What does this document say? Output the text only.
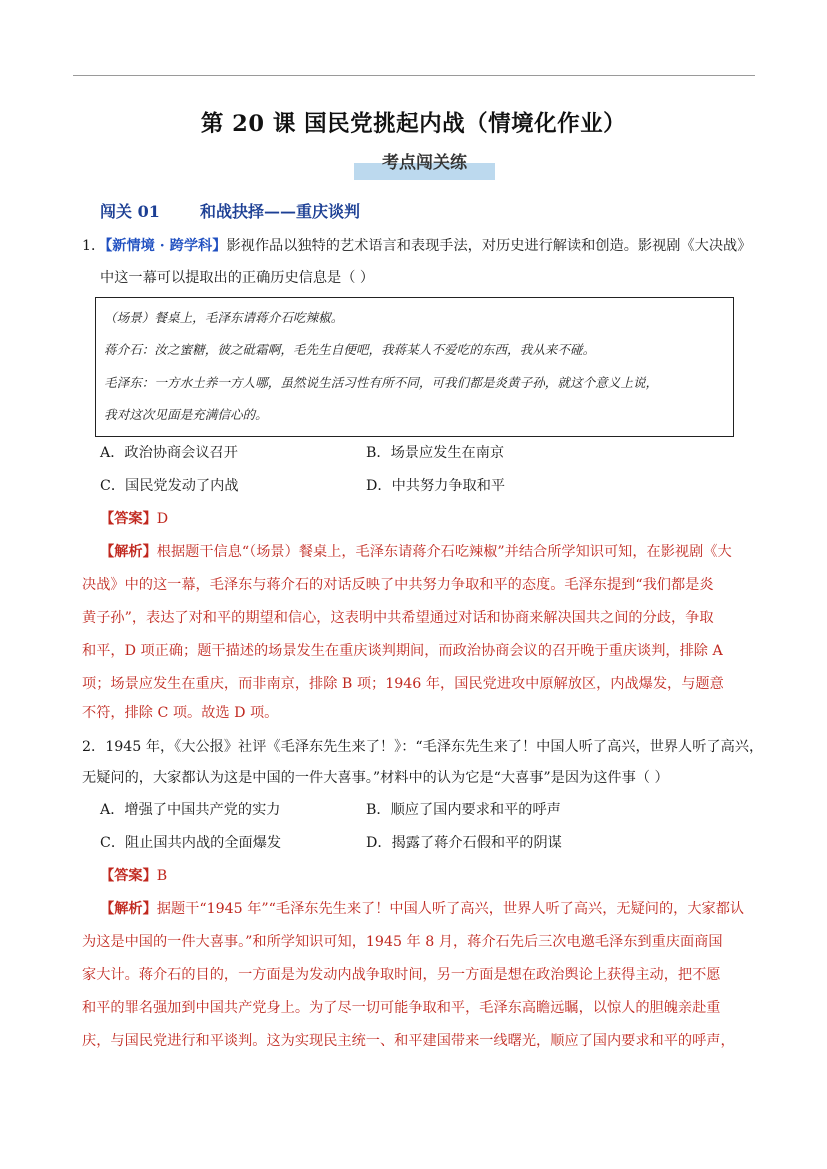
第 20 课 国民党挑起内战（情境化作业）
考点闯关练
闯关 01	和战抉择——重庆谈判
1．【新情境 · 跨学科】影视作品以独特的艺术语言和表现手法，对历史进行解读和创造。影视剧《大决战》
中这一幕可以提取出的正确历史信息是（ ）
（场景）餐桌上，毛泽东请蒋介石吃辣椒。
蒋介石：汝之蜜糖，彼之砒霜啊，毛先生自便吧，我蒋某人不爱吃的东西，我从来不碰。
毛泽东：一方水土养一方人哪，虽然说生活习性有所不同，可我们都是炎黄子孙，就这个意义上说，
我对这次见面是充满信心的。
A．政治协商会议召开	B．场景应发生在南京
C．国民党发动了内战	D．中共努力争取和平
【答案】D
【解析】根据题干信息“（场景）餐桌上，毛泽东请蒋介石吃辣椒”并结合所学知识可知，在影视剧《大
决战》中的这一幕，毛泽东与蒋介石的对话反映了中共努力争取和平的态度。毛泽东提到“我们都是炎
黄子孙”，表达了对和平的期望和信心，这表明中共希望通过对话和协商来解决国共之间的分歧，争取
和平，D 项正确；题干描述的场景发生在重庆谈判期间，而政治协商会议的召开晚于重庆谈判，排除 A
项；场景应发生在重庆，而非南京，排除 B 项；1946 年，国民党进攻中原解放区，内战爆发，与题意
不符，排除 C 项。故选 D 项。
2．1945 年，《大公报》社评《毛泽东先生来了！》：“毛泽东先生来了！中国人听了高兴，世界人听了高兴，
无疑问的，大家都认为这是中国的一件大喜事。”材料中的认为它是“大喜事”是因为这件事（ ）
A．增强了中国共产党的实力	B．顺应了国内要求和平的呼声
C．阻止国共内战的全面爆发	D．揭露了蒋介石假和平的阴谋
【答案】B
【解析】据题干“1945 年”“毛泽东先生来了！中国人听了高兴，世界人听了高兴，无疑问的，大家都认
为这是中国的一件大喜事。”和所学知识可知，1945 年 8 月，蒋介石先后三次电邀毛泽东到重庆面商国
家大计。蒋介石的目的，一方面是为发动内战争取时间，另一方面是想在政治舆论上获得主动，把不愿
和平的罪名强加到中国共产党身上。为了尽一切可能争取和平，毛泽东高瞻远瞩，以惊人的胆魄亲赴重
庆，与国民党进行和平谈判。这为实现民主统一、和平建国带来一线曙光，顺应了国内要求和平的呼声，
